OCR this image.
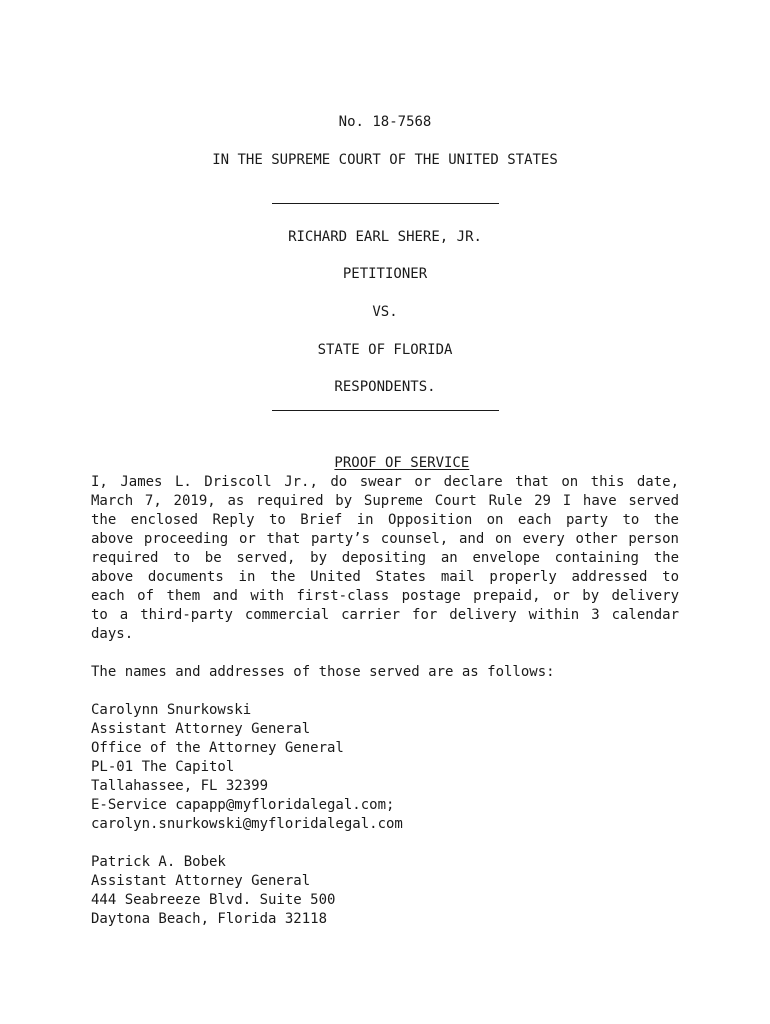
No. 18-7568
IN THE SUPREME COURT OF THE UNITED STATES
RICHARD EARL SHERE, JR.
PETITIONER
VS.
STATE OF FLORIDA
RESPONDENTS.

PROOF OF SERVICE

I, James L. Driscoll Jr., do swear or declare that on this date,
March 7, 2019, as required by Supreme Court Rule 29 I have served
the enclosed Reply to Brief in Opposition on each party to the
above proceeding or that party’s counsel, and on every other person
required to be served, by depositing an envelope containing the
above documents in the United States mail properly addressed to
each of them and with first-class postage prepaid, or by delivery
to a third-party commercial carrier for delivery within 3 calendar
days.
The names and addresses of those served are as follows:
Carolynn Snurkowski
Assistant Attorney General
Office of the Attorney General
PL-01 The Capitol
Tallahassee, FL 32399
E-Service capapp@myfloridalegal.com;
carolyn.snurkowski@myfloridalegal.com
Patrick A. Bobek
Assistant Attorney General
444 Seabreeze Blvd. Suite 500
Daytona Beach, Florida 32118
